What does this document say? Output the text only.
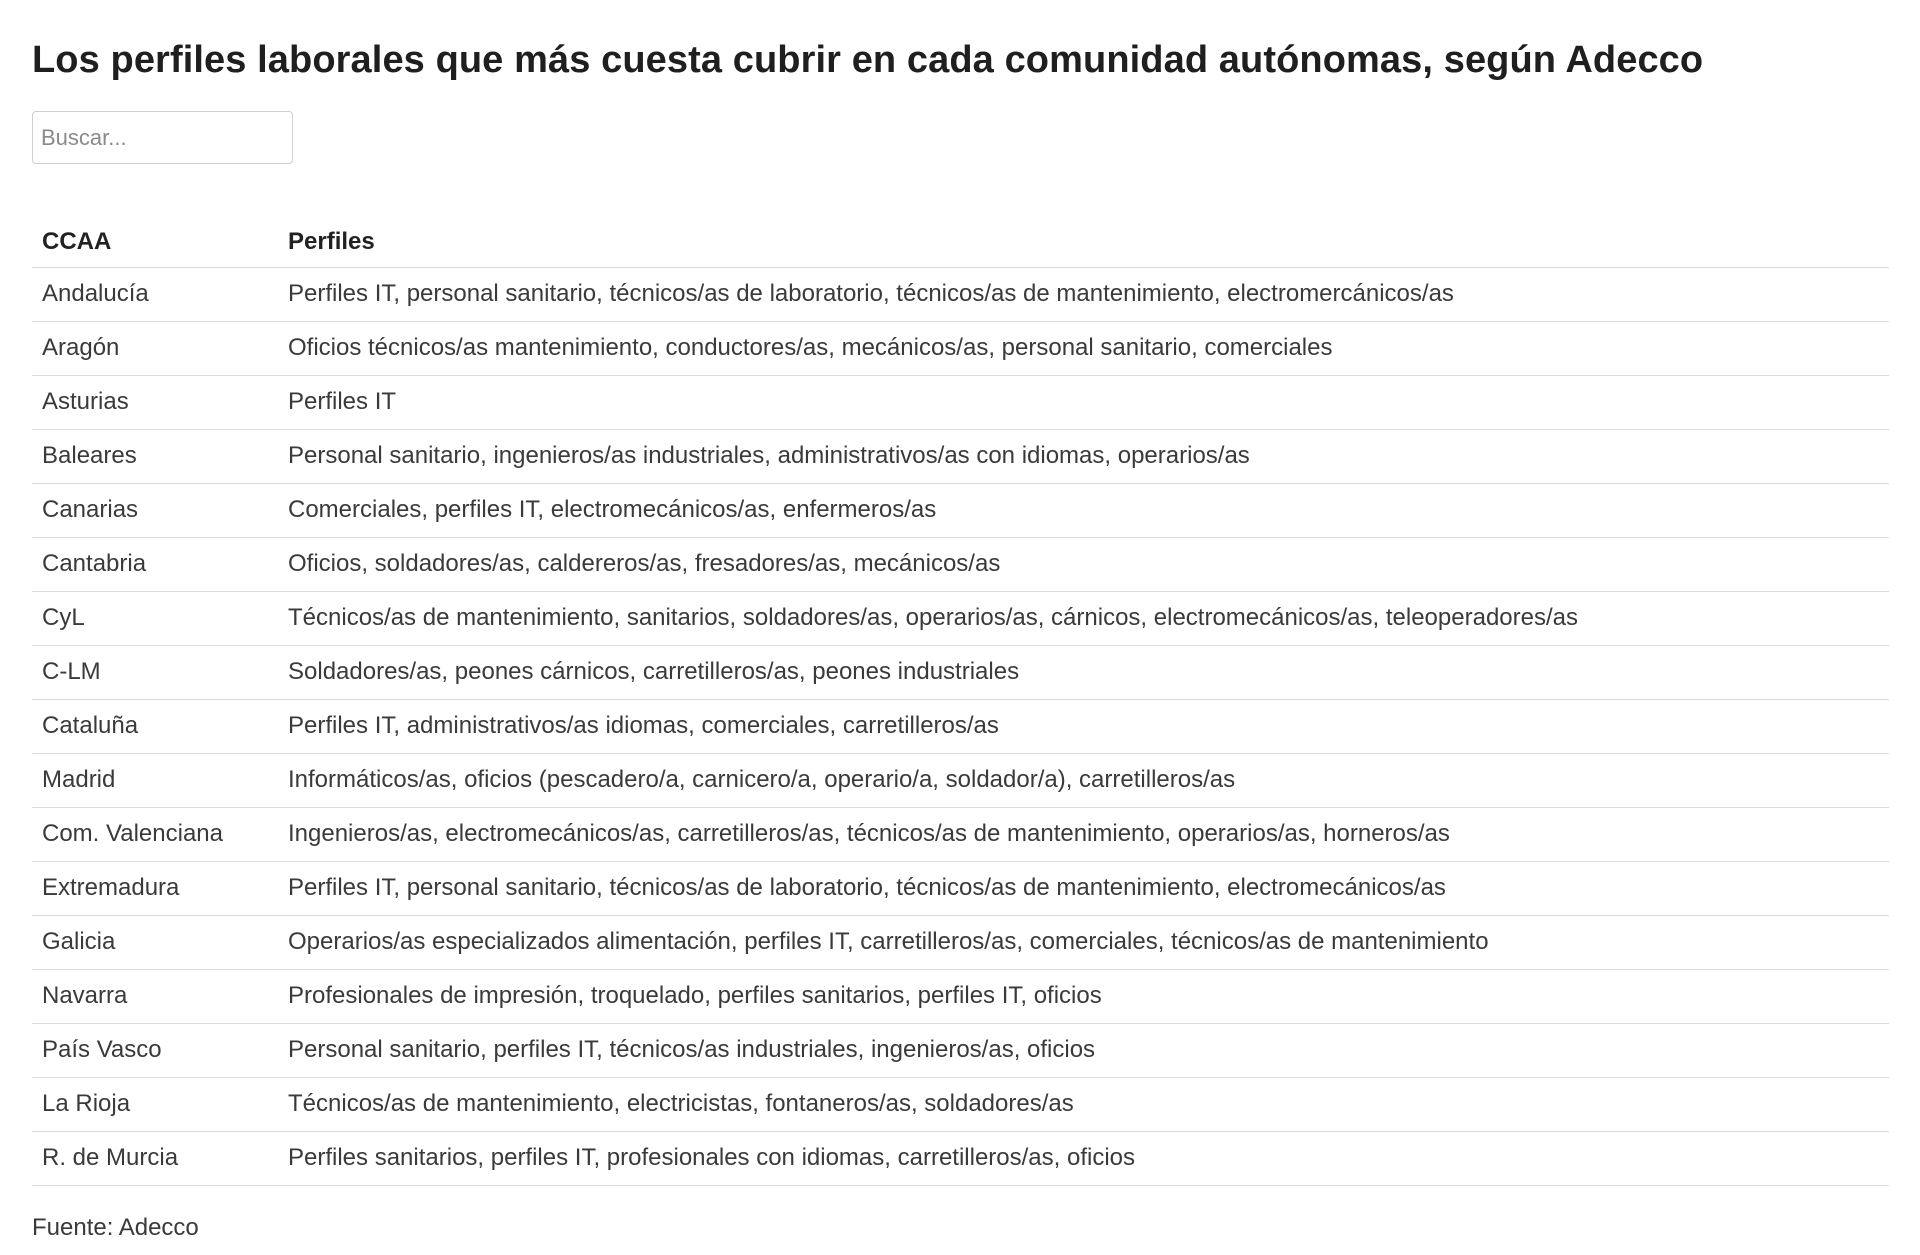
Los perfiles laborales que más cuesta cubrir en cada comunidad autónomas, según Adecco
Buscar...
CCAA	Perfiles
Andalucía	Perfiles IT, personal sanitario, técnicos/as de laboratorio, técnicos/as de mantenimiento, electromercánicos/as
Aragón	Oficios técnicos/as mantenimiento, conductores/as, mecánicos/as, personal sanitario, comerciales
Asturias	Perfiles IT
Baleares	Personal sanitario, ingenieros/as industriales, administrativos/as con idiomas, operarios/as
Canarias	Comerciales, perfiles IT, electromecánicos/as, enfermeros/as
Cantabria	Oficios, soldadores/as, caldereros/as, fresadores/as, mecánicos/as
CyL	Técnicos/as de mantenimiento, sanitarios, soldadores/as, operarios/as, cárnicos, electromecánicos/as, teleoperadores/as
C-LM	Soldadores/as, peones cárnicos, carretilleros/as, peones industriales
Cataluña	Perfiles IT, administrativos/as idiomas, comerciales, carretilleros/as
Madrid	Informáticos/as, oficios (pescadero/a, carnicero/a, operario/a, soldador/a), carretilleros/as
Com. Valenciana	Ingenieros/as, electromecánicos/as, carretilleros/as, técnicos/as de mantenimiento, operarios/as, horneros/as
Extremadura	Perfiles IT, personal sanitario, técnicos/as de laboratorio, técnicos/as de mantenimiento, electromecánicos/as
Galicia	Operarios/as especializados alimentación, perfiles IT, carretilleros/as, comerciales, técnicos/as de mantenimiento
Navarra	Profesionales de impresión, troquelado, perfiles sanitarios, perfiles IT, oficios
País Vasco	Personal sanitario, perfiles IT, técnicos/as industriales, ingenieros/as, oficios
La Rioja	Técnicos/as de mantenimiento, electricistas, fontaneros/as, soldadores/as
R. de Murcia	Perfiles sanitarios, perfiles IT, profesionales con idiomas, carretilleros/as, oficios
Fuente: Adecco
